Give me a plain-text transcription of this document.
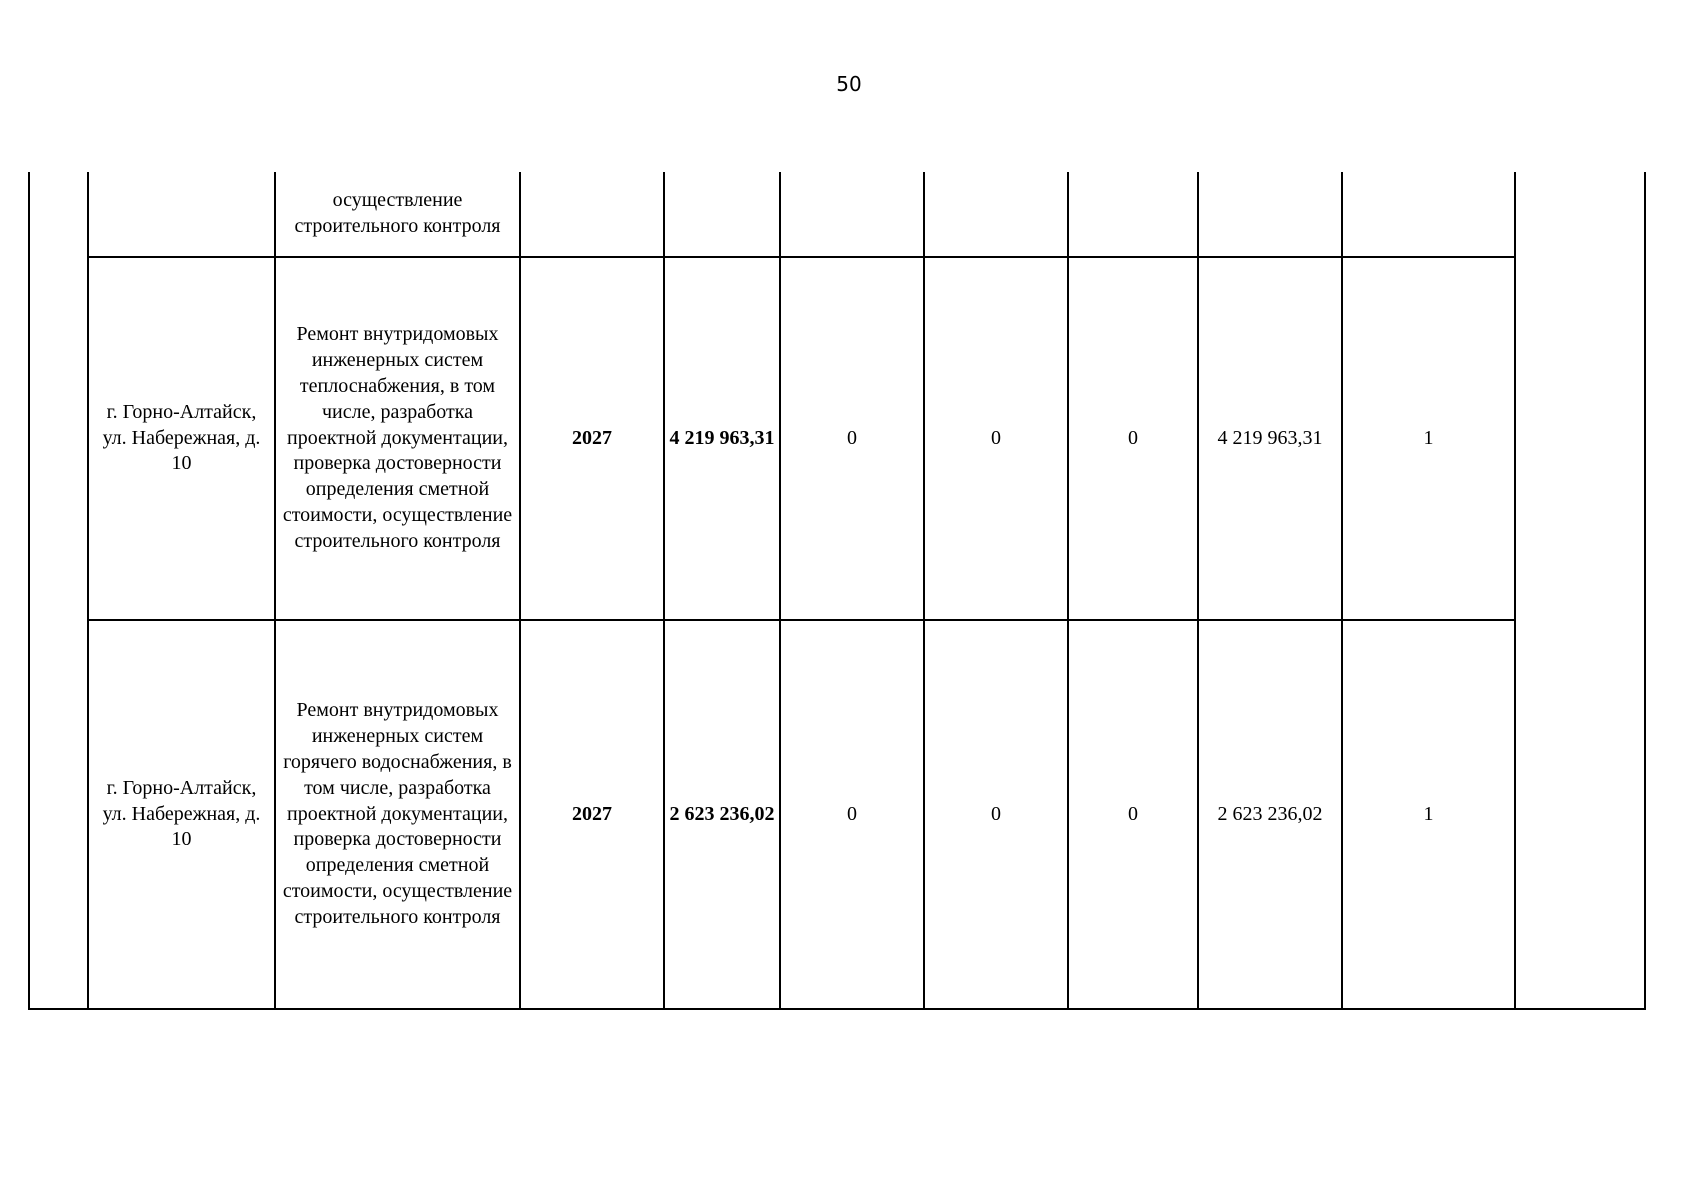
50
		осуществление строительного контроля								
	г. Горно-Алтайск, ул. Набережная, д. 10	Ремонт внутридомовых инженерных систем теплоснабжения, в том числе, разработка проектной документации, проверка достоверности определения сметной стоимости, осуществление строительного контроля	2027	4 219 963,31	0	0	0	4 219 963,31	1	
	г. Горно-Алтайск, ул. Набережная, д. 10	Ремонт внутридомовых инженерных систем горячего водоснабжения, в том числе, разработка проектной документации, проверка достоверности определения сметной стоимости, осуществление строительного контроля	2027	2 623 236,02	0	0	0	2 623 236,02	1	
